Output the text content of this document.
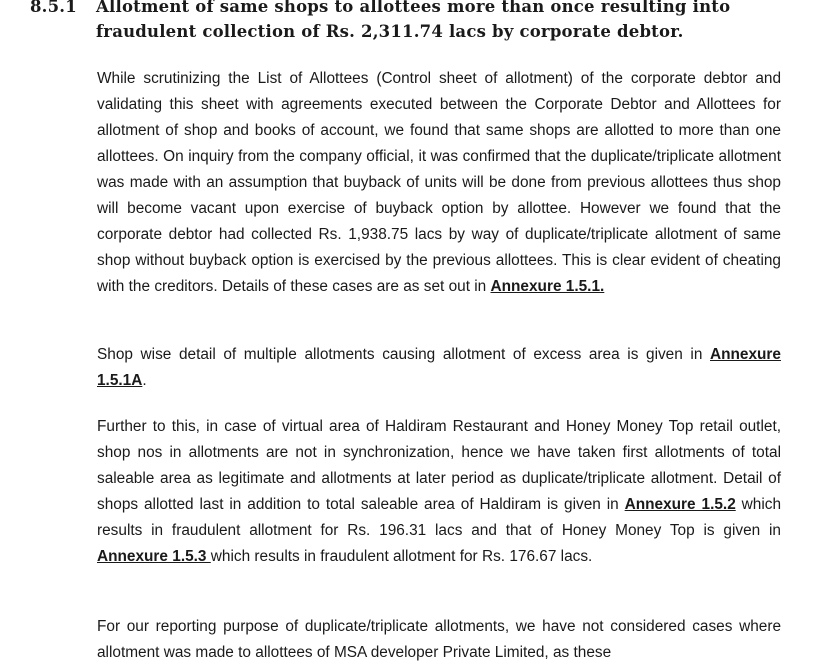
8.5.1 Allotment of same shops to allottees more than once resulting into fraudulent collection of Rs. 2,311.74 lacs by corporate debtor.
While scrutinizing the List of Allottees (Control sheet of allotment) of the corporate debtor and validating this sheet with agreements executed between the Corporate Debtor and Allottees for allotment of shop and books of account, we found that same shops are allotted to more than one allottees. On inquiry from the company official, it was confirmed that the duplicate/triplicate allotment was made with an assumption that buyback of units will be done from previous allottees thus shop will become vacant upon exercise of buyback option by allottee. However we found that the corporate debtor had collected Rs. 1,938.75 lacs by way of duplicate/triplicate allotment of same shop without buyback option is exercised by the previous allottees. This is clear evident of cheating with the creditors. Details of these cases are as set out in Annexure 1.5.1.
Shop wise detail of multiple allotments causing allotment of excess area is given in Annexure 1.5.1A.
Further to this, in case of virtual area of Haldiram Restaurant and Honey Money Top retail outlet, shop nos in allotments are not in synchronization, hence we have taken first allotments of total saleable area as legitimate and allotments at later period as duplicate/triplicate allotment. Detail of shops allotted last in addition to total saleable area of Haldiram is given in Annexure 1.5.2 which results in fraudulent allotment for Rs. 196.31 lacs and that of Honey Money Top is given in Annexure 1.5.3 which results in fraudulent allotment for Rs. 176.67 lacs.
For our reporting purpose of duplicate/triplicate allotments, we have not considered cases where allotment was made to allottees of MSA developer Private Limited, as these
